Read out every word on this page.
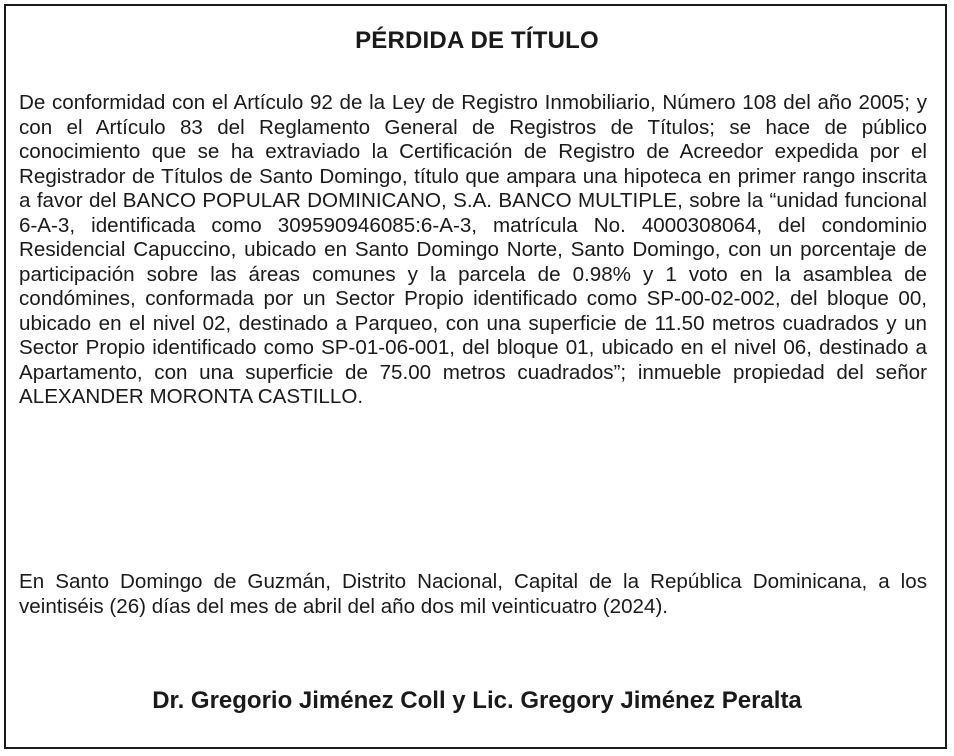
PÉRDIDA DE TÍTULO

De conformidad con el Artículo 92 de la Ley de Registro Inmobiliario, Número 108 del año 2005; y con el Artículo 83 del Reglamento General de Registros de Títulos; se hace de público conocimiento que se ha extraviado la Certificación de Registro de Acreedor expedida por el Registrador de Títulos de Santo Domingo, título que ampara una hipoteca en primer rango inscrita a favor del BANCO POPULAR DOMINICANO, S.A. BANCO MULTIPLE, sobre la “unidad funcional 6-A-3, identificada como 309590946085:6-A-3, matrícula No. 4000308064, del condominio Residencial Capuccino, ubicado en Santo Domingo Norte, Santo Domingo, con un porcentaje de participación sobre las áreas comunes y la parcela de 0.98% y 1 voto en la asamblea de condómines, conformada por un Sector Propio identificado como SP-00-02-002, del bloque 00, ubicado en el nivel 02, destinado a Parqueo, con una superficie de 11.50 metros cuadrados y un Sector Propio identificado como SP-01-06-001, del bloque 01, ubicado en el nivel 06, destinado a Apartamento, con una superficie de 75.00 metros cuadrados”; inmueble propiedad del señor ALEXANDER MORONTA CASTILLO.

En Santo Domingo de Guzmán, Distrito Nacional, Capital de la República Dominicana, a los veintiséis (26) días del mes de abril del año dos mil veinticuatro (2024).

Dr. Gregorio Jiménez Coll y Lic. Gregory Jiménez Peralta
